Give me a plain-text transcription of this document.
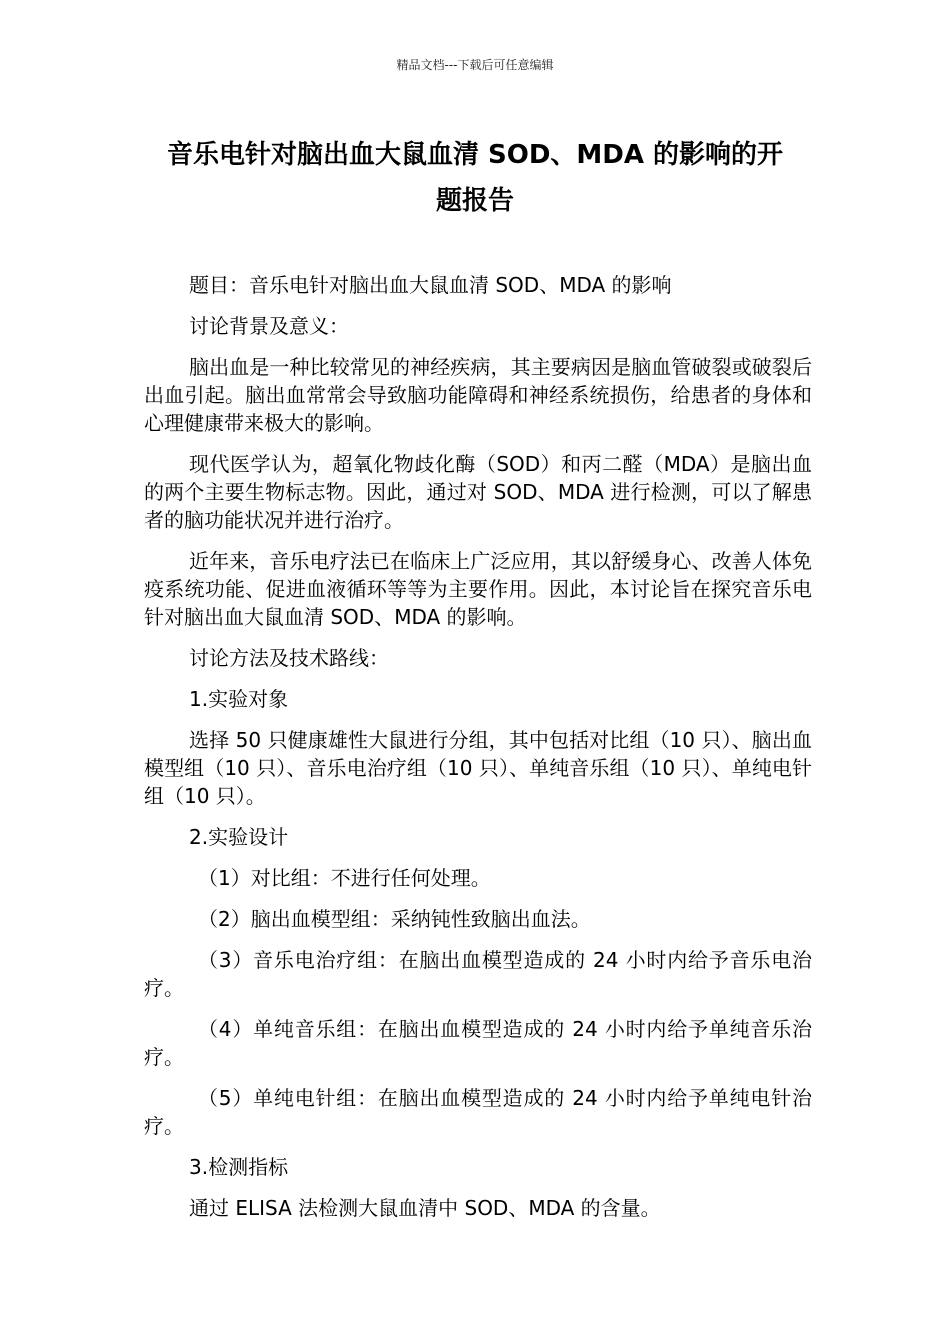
精品文档---下载后可任意编辑
音乐电针对脑出血大鼠血清 SOD、MDA 的影响的开
题报告

题目：音乐电针对脑出血大鼠血清 SOD、MDA 的影响

讨论背景及意义：

脑出血是一种比较常见的神经疾病，其主要病因是脑血管破裂或破裂后出血引起。脑出血常常会导致脑功能障碍和神经系统损伤，给患者的身体和心理健康带来极大的影响。

现代医学认为，超氧化物歧化酶（SOD）和丙二醛（MDA）是脑出血的两个主要生物标志物。因此，通过对 SOD、MDA 进行检测，可以了解患者的脑功能状况并进行治疗。

近年来，音乐电疗法已在临床上广泛应用，其以舒缓身心、改善人体免疫系统功能、促进血液循环等等为主要作用。因此，本讨论旨在探究音乐电针对脑出血大鼠血清 SOD、MDA 的影响。

讨论方法及技术路线：

1.实验对象

选择 50 只健康雄性大鼠进行分组，其中包括对比组（10 只）、脑出血模型组（10 只）、音乐电治疗组（10 只）、单纯音乐组（10 只）、单纯电针组（10 只）。

2.实验设计

（1）对比组：不进行任何处理。

（2）脑出血模型组：采纳钝性致脑出血法。

（3）音乐电治疗组：在脑出血模型造成的 24 小时内给予音乐电治疗。

（4）单纯音乐组：在脑出血模型造成的 24 小时内给予单纯音乐治疗。

（5）单纯电针组：在脑出血模型造成的 24 小时内给予单纯电针治疗。

3.检测指标

通过 ELISA 法检测大鼠血清中 SOD、MDA 的含量。
